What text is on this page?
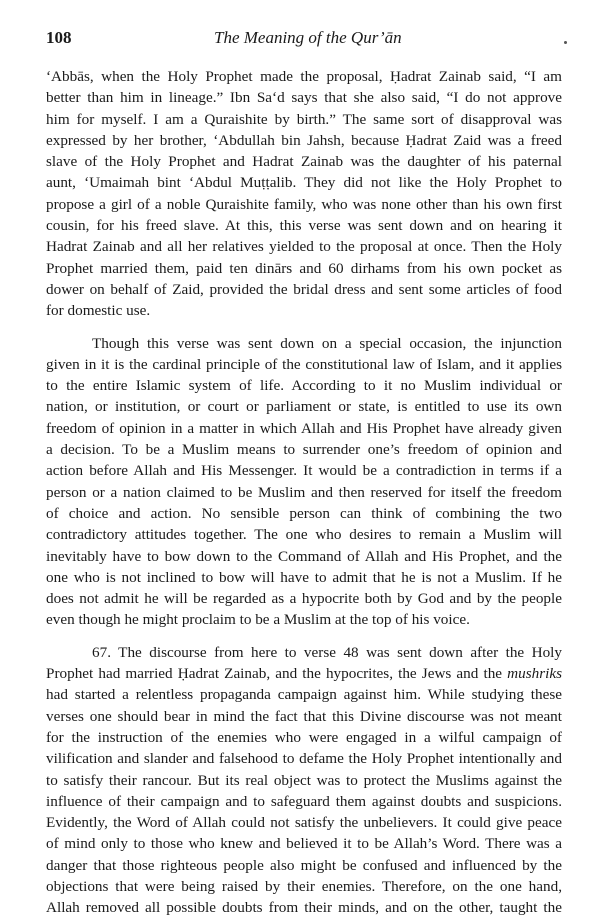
108	The Meaning of the Qur’ān

‘Abbās, when the Holy Prophet made the proposal, Ḥadrat Zainab said, “I am
better than him in lineage.” Ibn Sa‘d says that she also said, “I do not approve
him for myself. I am a Quraishite by birth.” The same sort of disapproval was
expressed by her brother, ‘Abdullah bin Jahsh, because Ḥadrat Zaid was a freed
slave of the Holy Prophet and Hadrat Zainab was the daughter of his paternal
aunt, ‘Umaimah bint ‘Abdul Muṭṭalib. They did not like the Holy Prophet to
propose a girl of a noble Quraishite family, who was none other than his own first
cousin, for his freed slave. At this, this verse was sent down and on hearing it
Hadrat Zainab and all her relatives yielded to the proposal at once. Then the Holy
Prophet married them, paid ten dinārs and 60 dirhams from his own pocket as
dower on behalf of Zaid, provided the bridal dress and sent some articles of food
for domestic use.

Though this verse was sent down on a special occasion, the injunction
given in it is the cardinal principle of the constitutional law of Islam, and it applies
to the entire Islamic system of life. According to it no Muslim individual or
nation, or institution, or court or parliament or state, is entitled to use its own
freedom of opinion in a matter in which Allah and His Prophet have already given
a decision. To be a Muslim means to surrender one’s freedom of opinion and
action before Allah and His Messenger. It would be a contradiction in terms if a
person or a nation claimed to be Muslim and then reserved for itself the freedom
of choice and action. No sensible person can think of combining the two
contradictory attitudes together. The one who desires to remain a Muslim will
inevitably have to bow down to the Command of Allah and His Prophet, and the
one who is not inclined to bow will have to admit that he is not a Muslim. If he
does not admit he will be regarded as a hypocrite both by God and by the people
even though he might proclaim to be a Muslim at the top of his voice.

67. The discourse from here to verse 48 was sent down after the Holy
Prophet had married Ḥadrat Zainab, and the hypocrites, the Jews and the mushriks
had started a relentless propaganda campaign against him. While studying these
verses one should bear in mind the fact that this Divine discourse was not meant
for the instruction of the enemies who were engaged in a wilful campaign of
vilification and slander and falsehood to defame the Holy Prophet intentionally and
to satisfy their rancour. But its real object was to protect the Muslims against the
influence of their campaign and to safeguard them against doubts and suspicions.
Evidently, the Word of Allah could not satisfy the unbelievers. It could give peace
of mind only to those who knew and believed it to be Allah’s Word. There was a
danger that those righteous people also might be confused and influenced by the
objections that were being raised by their enemies. Therefore, on the one hand,
Allah removed all possible doubts from their minds, and on the other, taught the
